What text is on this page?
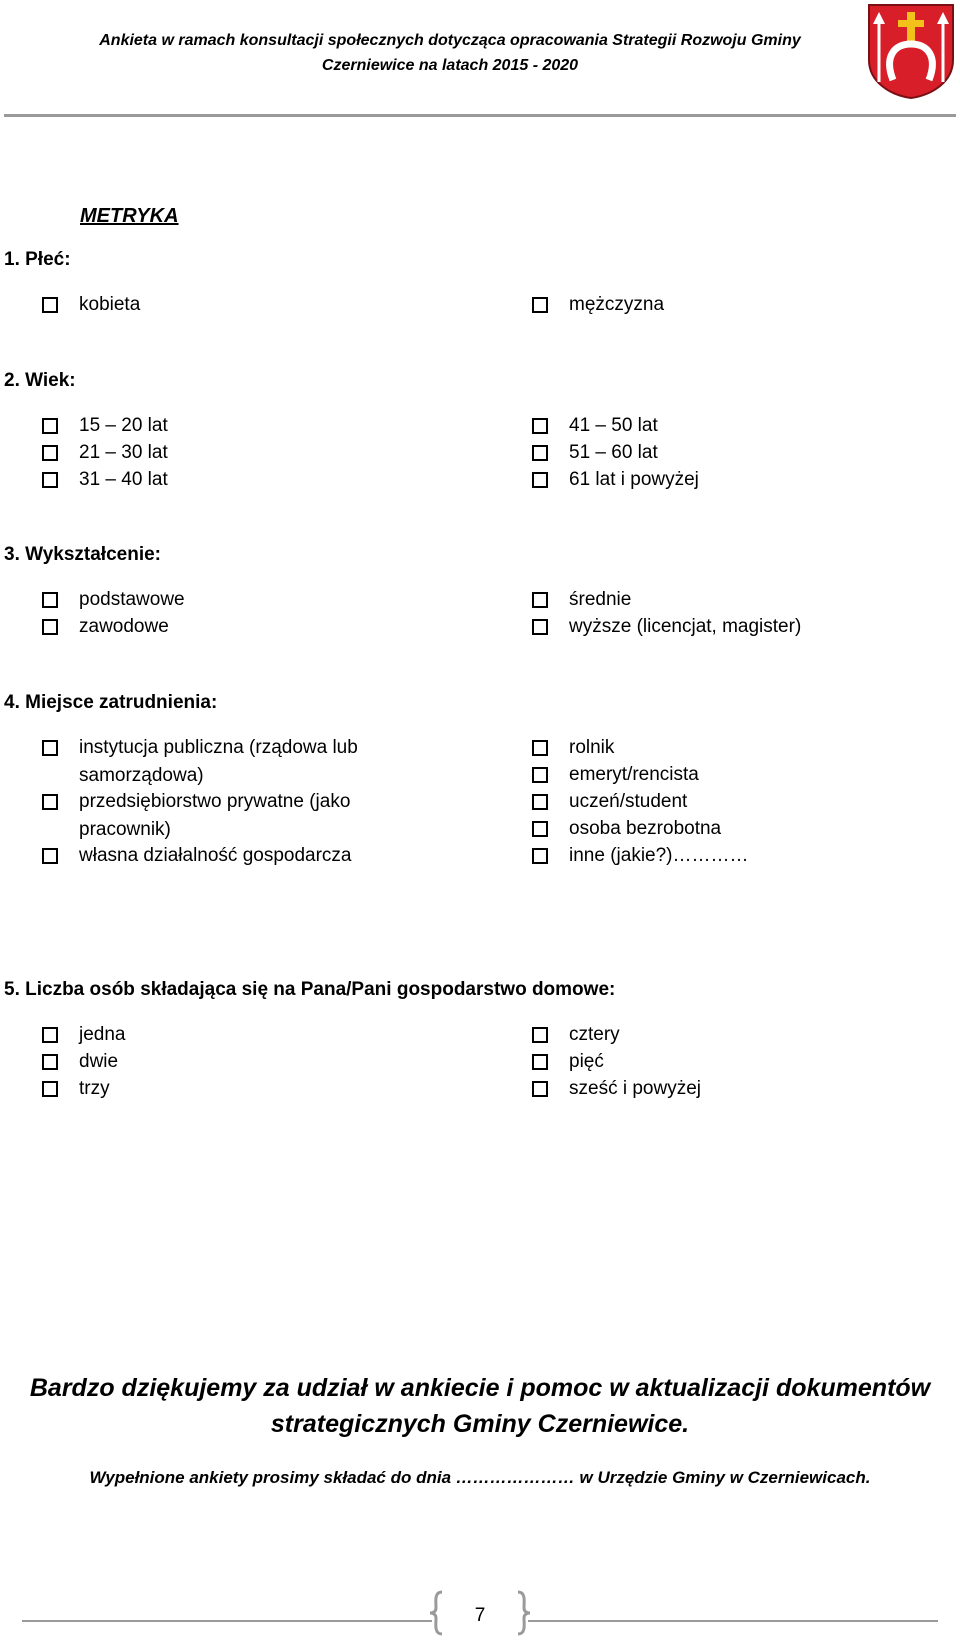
Ankieta w ramach konsultacji społecznych dotycząca opracowania Strategii Rozwoju Gminy
Czerniewice na latach 2015 - 2020
METRYKA
1. Płeć:
kobieta	mężczyzna
2. Wiek:
15 – 20 lat
21 – 30 lat
31 – 40 lat
41 – 50 lat
51 – 60 lat
61 lat i powyżej
3. Wykształcenie:
podstawowe
zawodowe
średnie
wyższe (licencjat, magister)
4. Miejsce zatrudnienia:
instytucja publiczna (rządowa lub samorządowa)
przedsiębiorstwo prywatne (jako pracownik)
własna działalność gospodarcza
rolnik
emeryt/rencista
uczeń/student
osoba bezrobotna
inne (jakie?)…………
5. Liczba osób składająca się na Pana/Pani gospodarstwo domowe:
jedna
dwie
trzy
cztery
pięć
sześć i powyżej
Bardzo dziękujemy za udział w ankiecie i pomoc w aktualizacji dokumentów
strategicznych Gminy Czerniewice.
Wypełnione ankiety prosimy składać do dnia ………………… w Urzędzie Gminy w Czerniewicach.
7
